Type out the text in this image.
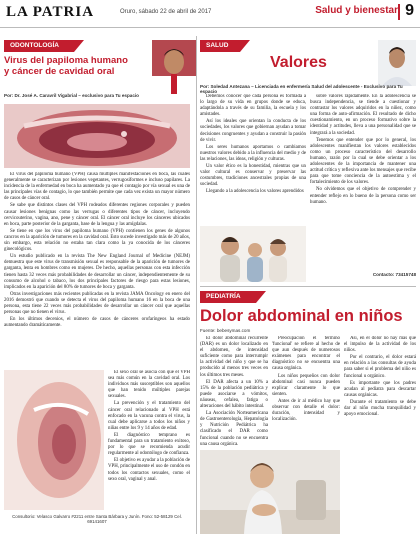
LA PATRIA	Oruro, sábado 22 de abril de 2017	Salud y bienestar 9
ODONTOLOGÍA
Virus del papiloma humano y cáncer de cavidad oral
Por: Dr. José A. Caravril Vigabrial – exclusivo para Tu espacio

El virus del papiloma humano (VPH) causa múltiples manifestaciones en boca, las cuales generalmente se caracterizan por lesiones vegetantes, verrugosiformes e incluso papilares. La incidencia de la enfermedad en boca ha aumentado ya que el contagio por vía sexual es una de las principales vías de contagio, lo que también permite que cada vez exista un mayor número de casos de cáncer oral.

Se sabe que distintos clases del VPH rodeados diferentes regiones corporales y pueden causar lesiones benignas como las verrugas o diferentes tipos de cáncer, incluyendo cervicouterino, vagina, ano, pene y cáncer oral. El cáncer oral incluye los cánceres ubicados en boca, parte posterior de la garganta, base de la lengua y las amígdalas.

Se tiene en que los virus del papiloma humano (VPH) contienen los genes de algunos cancros en la aparición de tumores en la cavidad oral. Esto sucede investigado más de 20 años, sin embargo, esta relación no estaba tan clara como la ya conocida de los cánceres ginecológicos.

Un estudio publicado en la revista The New England Journal of Medicine (NEJM) demuestra que este virus de transmisión sexual es responsable de la aparición de tumores de garganta, lenta en hombres como en mujeres. De hecho, aquellas personas con esta infección tienen hasta 32 veces más probabilidades de desarrollar un cáncer, independientemente de su consumo de alcohol o tabaco, los dos principales factores de riesgo para estas lesiones, implicados en la aparición del 80% de tumores de boca y garganta.

Otras investigaciones más recientes publicadas en la revista JAMA Oncology en enero del 2016 demostró que cuando se detecta el virus del papiloma humano 16 en la boca de una persona, esta tiene 22 veces más probabilidades de desarrollar un cáncer oral que aquellas personas que no tienen el virus.

En los últimos decenios, el número de casos de cánceres orofaríngeos ha estado aumentando dramáticamente.

El sexo oral se asocia con que el VPH sea más común en la cavidad oral. Los individuos más susceptibles son aquellos que han tenido múltiples parejas sexuales.

La prevención y el tratamiento del cáncer oral relacionado al VPH está enfocado en la vacuna contra el virus, la cual debe aplicarse a todos los niños y niñas entre los 9 y 14 años de edad.

El diagnóstico temprano es fundamental para un tratamiento exitoso, por lo que se recomienda acudir regularmente al odontólogo de confianza.

El objetivo es ayudar a la población de VPH, principalmente el uso de condón en todos los contactos sexuales, como el sexo oral, vaginal y anal.

Consultorio: Velasco Galvarro #2211 entre Santa Bárbara y Junín. Fono: 52-58129 Cel. 69141607
SALUD
Valores
Por: Soledad Antezana – Licenciada en enfermería Salud del adolescente - Exclusivo para Tu espacio

Debemos conocer que cada persona es formada a lo largo de su vida en grupos donde se educa, adaptándola a través de su familia, la escuela y los amistades.

Así los ideales que orientan la conducta de los sociedades, los valores que gobiernan ayudan a tomar decisiones congruentes y ayudan a construir la pasión de vivir.

Los seres humanos aportamos o cambiamos nuestros valores debido a la influencia del medio y de las relaciones, las ideas, religión y culturas.

Un valor ético es la honestidad, mientras que un valor cultural es conservar y preservar las costumbres, tradiciones ancestrales propias de una sociedad.

Llegando a la adolescencia los valores aprendidos

sobre valores rápidamente. En la adolescencia se busca independencia, se tiende a cuestionar y contrastar los valores adquiridos en la niñez, como una forma de auto-afirmación. El resultado de dicho cuestionamiento, en un proceso formativo sobre la identidad y actitudes, lleva a una personalidad que se integrará a la sociedad.

Tenemos que entender que por lo general, los adolescentes manifiestan los valores establecidos como un proceso característico del desarrollo humano, razón por la cual se debe orientar a los adolescentes de la importancia de mantener una actitud crítica y reflexiva ante los mensajes que recibe para que tome conciencia de la autoestima y el fortalecimiento de los valores.

No olvidemos que el objetivo de comprender y entender reflejo en lo bueno de la persona como ser humano.

Contacto: 73415748
PEDIATRÍA
Dolor abdominal en niños
Fuente: bebesymas.com

El dolor abdominal recurrente (DAR) es un dolor localizado en el abdomen, de intensidad suficiente como para interrumpir la actividad del niño y que se ha producido al menos tres veces en los últimos tres meses.

El DAR afecta a un 10% a 15% de la población pediátrica y puede asociarse a vómitos, náuseas, cefalea, fatiga o alteraciones del hábito intestinal.

La Asociación Norteamericana de Gastroenterología, Hepatología y Nutrición Pediátrica ha clasificado el DAR como funcional cuando no se encuentra una causa orgánica.

Preocupación el termino 'funcional' se refiere al hecho de que aun después de numerosos exámenes para encontrar el diagnóstico no se encuentra una causa orgánica.

Los niños pequeños con dolor abdominal casi nunca pueden explicar claramente lo que sienten.

Antes de ir al médico hay que observar con detalle el dolor: duración, intensidad y localización.

Así, en el dolor no hay más que el impulso de la actividad de los niños.

Por el contrario, el dolor estará en relación a las consultas de ayuda para saber si el problema del niño es funcional u orgánico.

Es importante que los padres acudan al pediatra para descartar causas orgánicas.

Durante el tratamiento se debe dar al niño mucha tranquilidad y apoyo emocional.
